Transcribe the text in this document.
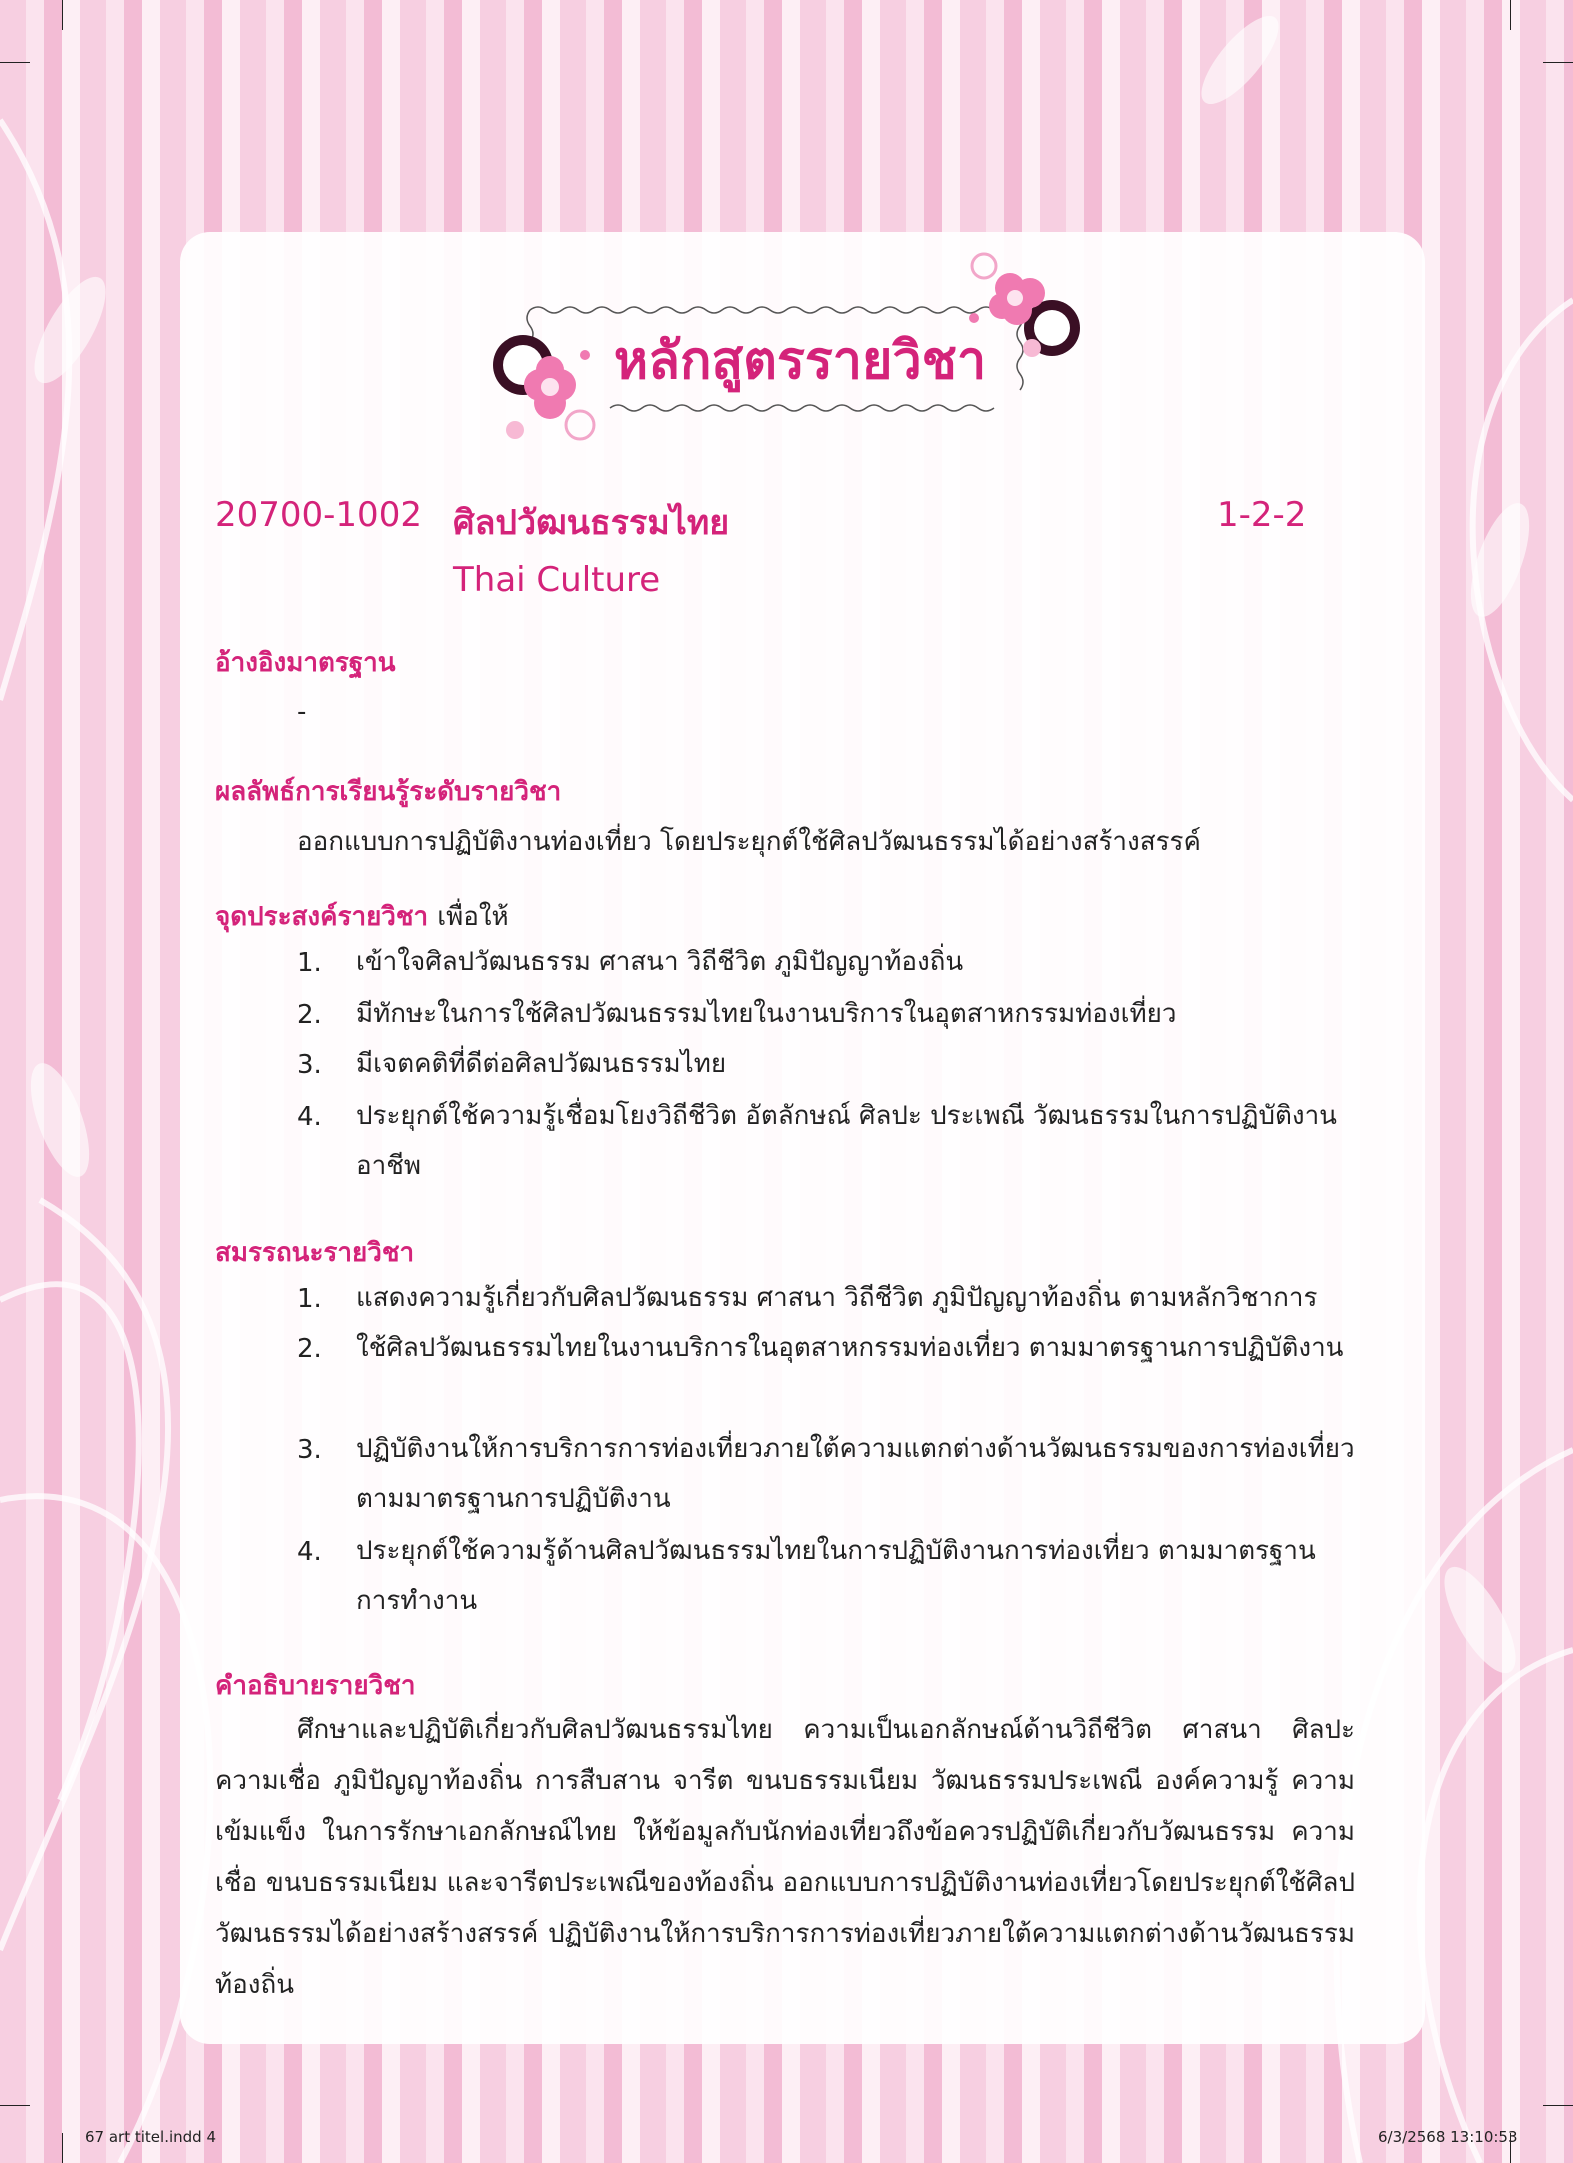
หลักสูตรรายวิชา
20700-1002 ศิลปวัฒนธรรมไทย	1-2-2
Thai Culture
อ้างอิงมาตรฐาน
-
ผลลัพธ์การเรียนรู้ระดับรายวิชา
ออกแบบการปฏิบัติงานท่องเที่ยว โดยประยุกต์ใช้ศิลปวัฒนธรรมได้อย่างสร้างสรรค์
จุดประสงค์รายวิชา เพื่อให้
1. เข้าใจศิลปวัฒนธรรม ศาสนา วิถีชีวิต ภูมิปัญญาท้องถิ่น
2. มีทักษะในการใช้ศิลปวัฒนธรรมไทยในงานบริการในอุตสาหกรรมท่องเที่ยว
3. มีเจตคติที่ดีต่อศิลปวัฒนธรรมไทย
4. ประยุกต์ใช้ความรู้เชื่อมโยงวิถีชีวิต อัตลักษณ์ ศิลปะ ประเพณี วัฒนธรรมในการปฏิบัติงานอาชีพ
สมรรถนะรายวิชา
1. แสดงความรู้เกี่ยวกับศิลปวัฒนธรรม ศาสนา วิถีชีวิต ภูมิปัญญาท้องถิ่น ตามหลักวิชาการ
2. ใช้ศิลปวัฒนธรรมไทยในงานบริการในอุตสาหกรรมท่องเที่ยว ตามมาตรฐานการปฏิบัติงาน
3. ปฏิบัติงานให้การบริการการท่องเที่ยวภายใต้ความแตกต่างด้านวัฒนธรรมของการท่องเที่ยว ตามมาตรฐานการปฏิบัติงาน
4. ประยุกต์ใช้ความรู้ด้านศิลปวัฒนธรรมไทยในการปฏิบัติงานการท่องเที่ยว ตามมาตรฐานการทำงาน
คำอธิบายรายวิชา
ศึกษาและปฏิบัติเกี่ยวกับศิลปวัฒนธรรมไทย ความเป็นเอกลักษณ์ด้านวิถีชีวิต ศาสนา ศิลปะ ความเชื่อ ภูมิปัญญาท้องถิ่น การสืบสาน จารีต ขนบธรรมเนียม วัฒนธรรมประเพณี องค์ความรู้ ความเข้มแข็ง ในการรักษาเอกลักษณ์ไทย ให้ข้อมูลกับนักท่องเที่ยวถึงข้อควรปฏิบัติเกี่ยวกับวัฒนธรรม ความเชื่อ ขนบธรรมเนียม และจารีตประเพณีของท้องถิ่น ออกแบบการปฏิบัติงานท่องเที่ยวโดยประยุกต์ใช้ศิลปวัฒนธรรมได้อย่างสร้างสรรค์ ปฏิบัติงานให้การบริการการท่องเที่ยวภายใต้ความแตกต่างด้านวัฒนธรรมท้องถิ่น
67 art titel.indd 4	6/3/2568 13:10:53
